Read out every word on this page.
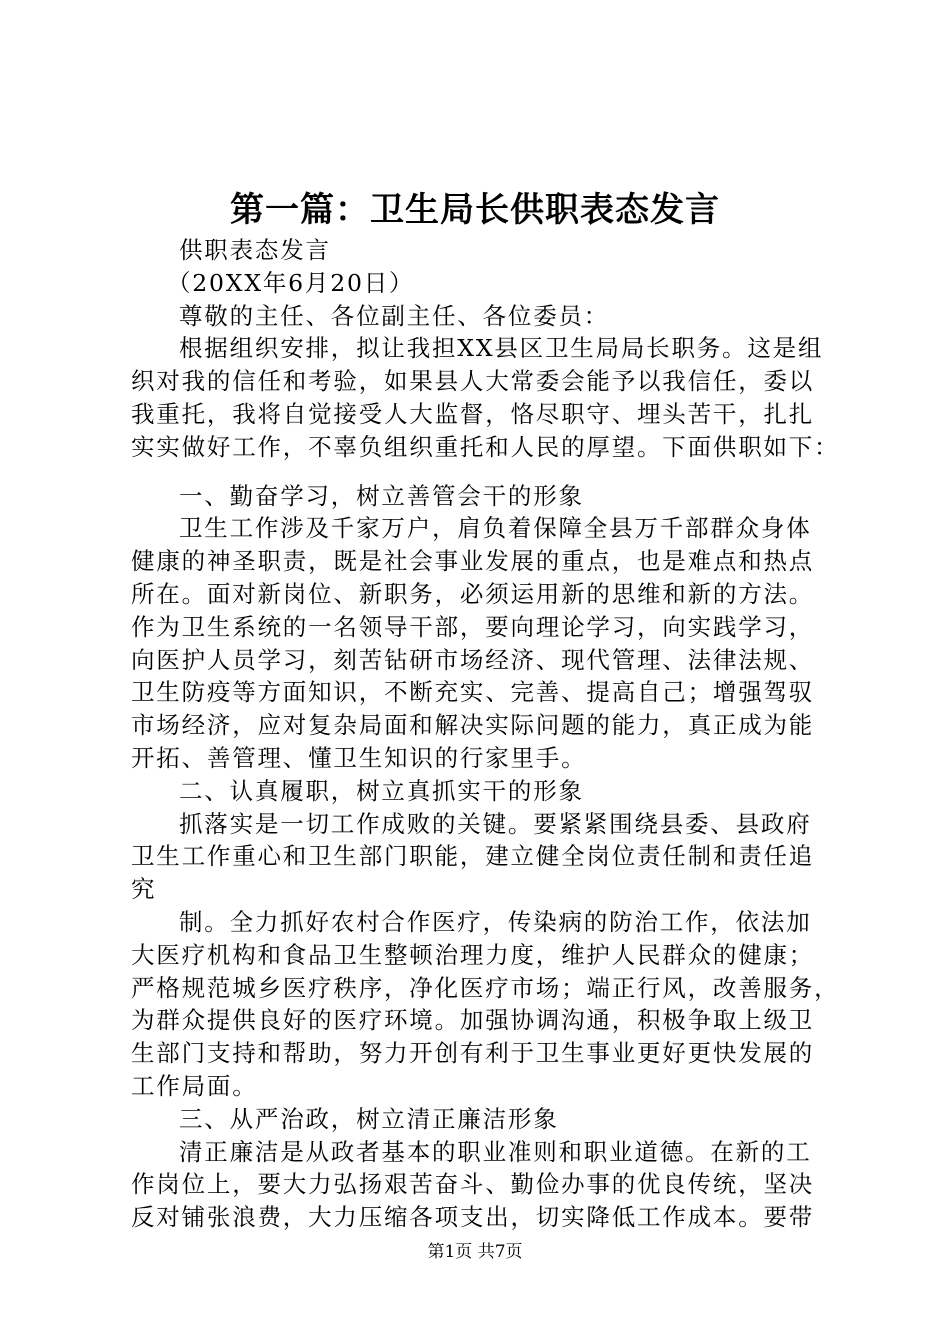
第一篇：卫生局长供职表态发言
供职表态发言
（20XX年6月20日）
尊敬的主任、各位副主任、各位委员：
根据组织安排，拟让我担XX县区卫生局局长职务。这是组
织对我的信任和考验，如果县人大常委会能予以我信任，委以
我重托，我将自觉接受人大监督，恪尽职守、埋头苦干，扎扎
实实做好工作，不辜负组织重托和人民的厚望。下面供职如下：
一、勤奋学习，树立善管会干的形象
卫生工作涉及千家万户，肩负着保障全县万千部群众身体
健康的神圣职责，既是社会事业发展的重点，也是难点和热点
所在。面对新岗位、新职务，必须运用新的思维和新的方法。
作为卫生系统的一名领导干部，要向理论学习，向实践学习，
向医护人员学习，刻苦钻研市场经济、现代管理、法律法规、
卫生防疫等方面知识，不断充实、完善、提高自己；增强驾驭
市场经济，应对复杂局面和解决实际问题的能力，真正成为能
开拓、善管理、懂卫生知识的行家里手。
二、认真履职，树立真抓实干的形象
抓落实是一切工作成败的关键。要紧紧围绕县委、县政府
卫生工作重心和卫生部门职能，建立健全岗位责任制和责任追
究
制。全力抓好农村合作医疗，传染病的防治工作，依法加
大医疗机构和食品卫生整顿治理力度，维护人民群众的健康；
严格规范城乡医疗秩序，净化医疗市场；端正行风，改善服务，
为群众提供良好的医疗环境。加强协调沟通，积极争取上级卫
生部门支持和帮助，努力开创有利于卫生事业更好更快发展的
工作局面。
三、从严治政，树立清正廉洁形象
清正廉洁是从政者基本的职业准则和职业道德。在新的工
作岗位上，要大力弘扬艰苦奋斗、勤俭办事的优良传统，坚决
反对铺张浪费，大力压缩各项支出，切实降低工作成本。要带
第1页 共7页
